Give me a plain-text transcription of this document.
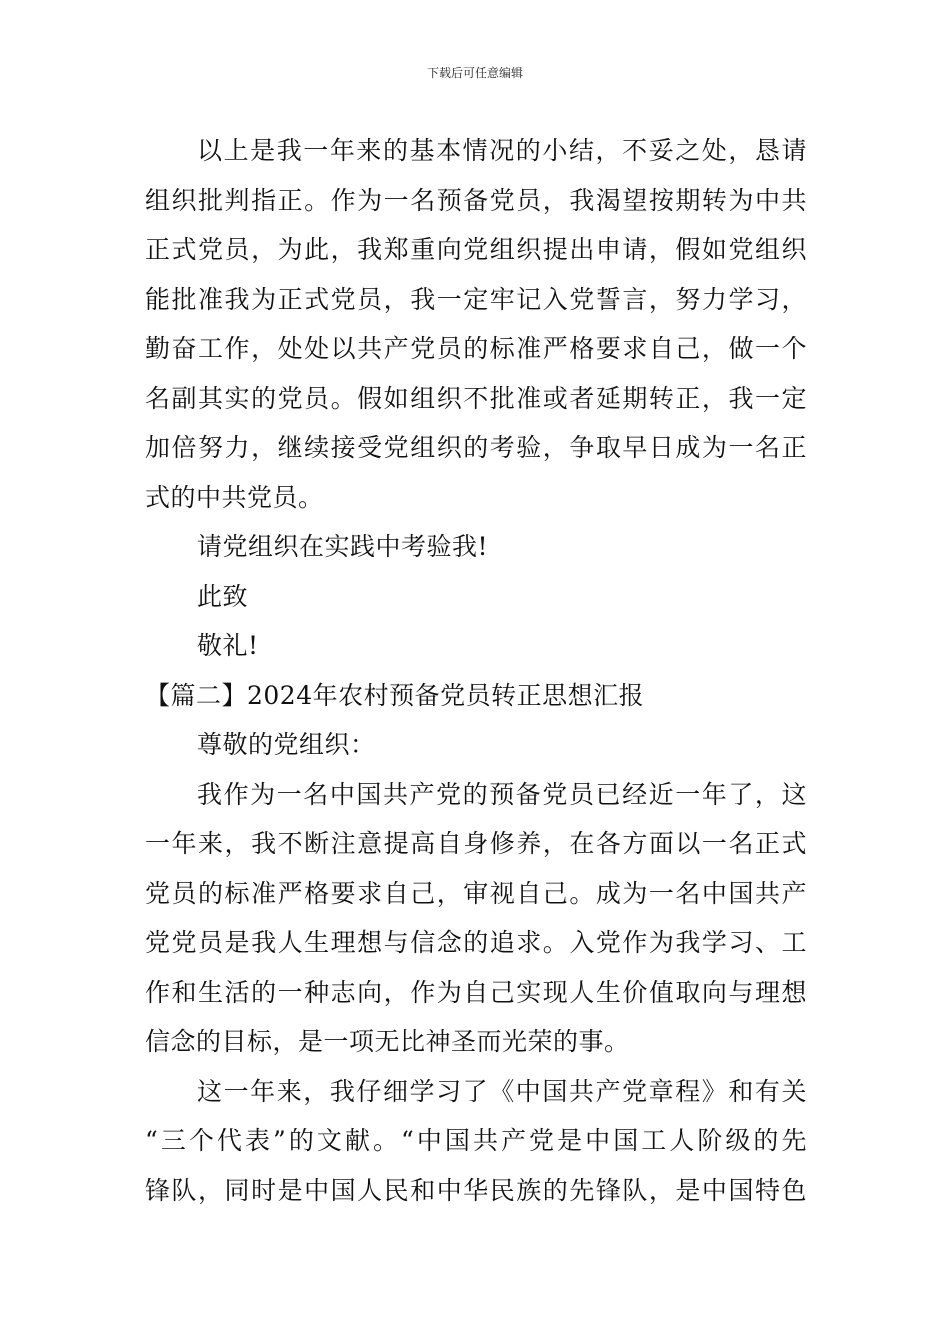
下载后可任意编辑
以上是我一年来的基本情况的小结，不妥之处，恳请
组织批判指正。作为一名预备党员，我渴望按期转为中共
正式党员，为此，我郑重向党组织提出申请，假如党组织
能批准我为正式党员，我一定牢记入党誓言，努力学习，
勤奋工作，处处以共产党员的标准严格要求自己，做一个
名副其实的党员。假如组织不批准或者延期转正，我一定
加倍努力，继续接受党组织的考验，争取早日成为一名正
式的中共党员。
请党组织在实践中考验我!
此致
敬礼!
【篇二】2024年农村预备党员转正思想汇报
尊敬的党组织：
我作为一名中国共产党的预备党员已经近一年了，这
一年来，我不断注意提高自身修养，在各方面以一名正式
党员的标准严格要求自己，审视自己。成为一名中国共产
党党员是我人生理想与信念的追求。入党作为我学习、工
作和生活的一种志向，作为自己实现人生价值取向与理想
信念的目标，是一项无比神圣而光荣的事。
这一年来，我仔细学习了《中国共产党章程》和有关
“三个代表”的文献。“中国共产党是中国工人阶级的先
锋队，同时是中国人民和中华民族的先锋队，是中国特色
